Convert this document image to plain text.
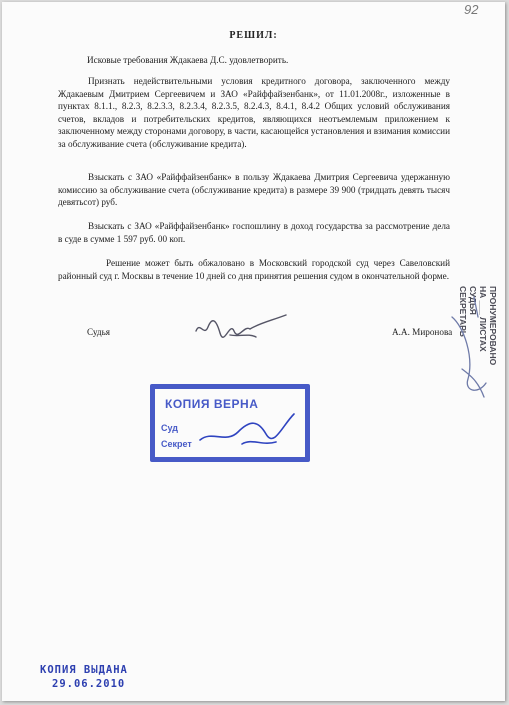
92
РЕШИЛ:
Исковые требования Ждакаева Д.С. удовлетворить.
Признать недействительными условия кредитного договора, заключенного между Ждакаевым Дмитрием Сергеевичем и ЗАО «Райффайзенбанк», от 11.01.2008г., изложенные в пунктах 8.1.1., 8.2.3, 8.2.3.3, 8.2.3.4, 8.2.3.5, 8.2.4.3, 8.4.1, 8.4.2 Общих условий обслуживания счетов, вкладов и потребительских кредитов, являющихся неотъемлемым приложением к заключенному между сторонами договору, в части, касающейся установления и взимания комиссии за обслуживание счета (обслуживание кредита).
Взыскать с ЗАО «Райффайзенбанк» в пользу Ждакаева Дмитрия Сергеевича удержанную комиссию за обслуживание счета (обслуживание кредита) в размере 39 900 (тридцать девять тысяч девятьсот) руб.
Взыскать с ЗАО «Райффайзенбанк» госпошлину в доход государства за рассмотрение дела в суде в сумме 1 597 руб. 00 коп.
Решение может быть обжаловано в Московский городской суд через Савеловский районный суд г. Москвы в течение 10 дней со дня принятия решения судом в окончательной форме.
Судья	А.А. Миронова	ПРОНУМЕРОВАНО
НА ___ ЛИСТАХ
СУДЬЯ
СЕКРЕТАРЬ
КОПИЯ ВЕРНА
Суд
Секрет
КОПИЯ ВЫДАНА
29.06.2010
